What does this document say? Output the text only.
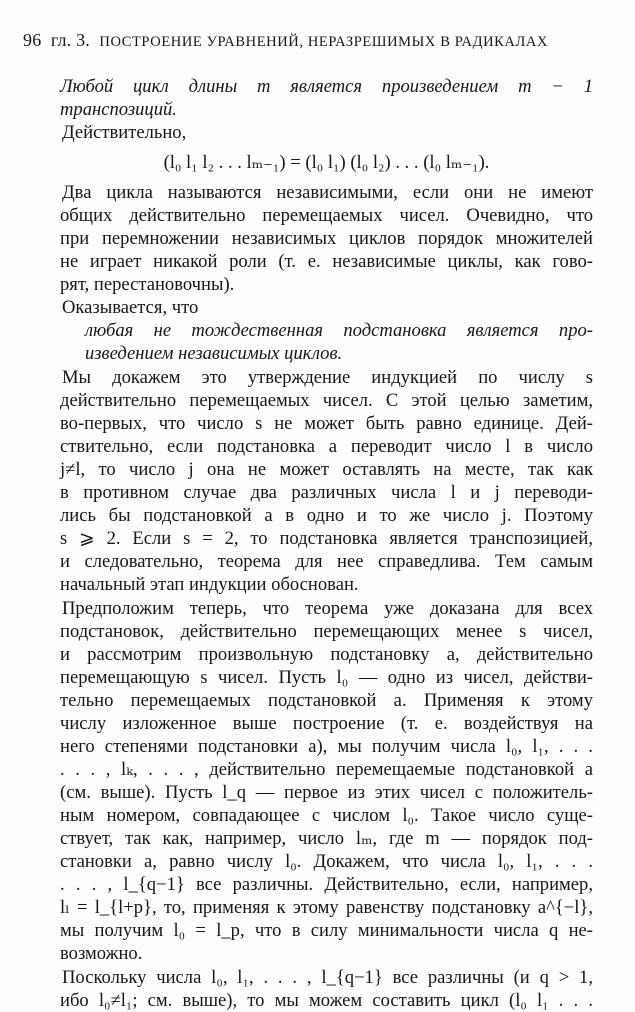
96 гл. 3. ПОСТРОЕНИЕ УРАВНЕНИЙ, НЕРАЗРЕШИМЫХ В РАДИКАЛАХ
Любой цикл длины m является произведением m − 1
транспозиций.
Действительно,
(l₀ l₁ l₂ . . . lₘ₋₁) = (l₀ l₁) (l₀ l₂) . . . (l₀ lₘ₋₁).
Два цикла называются независимыми, если они не имеют
общих действительно перемещаемых чисел. Очевидно, что
при перемножении независимых циклов порядок множителей
не играет никакой роли (т. е. независимые циклы, как гово-
рят, перестановочны).
Оказывается, что
любая не тождественная подстановка является про-
изведением независимых циклов.
Мы докажем это утверждение индукцией по числу s
действительно перемещаемых чисел. С этой целью заметим,
во-первых, что число s не может быть равно единице. Дей-
ствительно, если подстановка a переводит число l в число
j≠l, то число j она не может оставлять на месте, так как
в противном случае два различных числа l и j переводи-
лись бы подстановкой a в одно и то же число j. Поэтому
s ⩾ 2. Если s = 2, то подстановка является транспозицией,
и следовательно, теорема для нее справедлива. Тем самым
начальный этап индукции обоснован.
Предположим теперь, что теорема уже доказана для всех
подстановок, действительно перемещающих менее s чисел,
и рассмотрим произвольную подстановку a, действительно
перемещающую s чисел. Пусть l₀ — одно из чисел, действи-
тельно перемещаемых подстановкой a. Применяя к этому
числу изложенное выше построение (т. е. воздействуя на
него степенями подстановки a), мы получим числа l₀, l₁, . . .
. . . , lₖ, . . . , действительно перемещаемые подстановкой a
(см. выше). Пусть l_q — первое из этих чисел с положитель-
ным номером, совпадающее с числом l₀. Такое число суще-
ствует, так как, например, число lₘ, где m — порядок под-
становки a, равно числу l₀. Докажем, что числа l₀, l₁, . . .
. . . , l_{q−1} все различны. Действительно, если, например,
lₗ = l_{l+p}, то, применяя к этому равенству подстановку a^{−l},
мы получим l₀ = l_p, что в силу минимальности числа q не-
возможно.
Поскольку числа l₀, l₁, . . . , l_{q−1} все различны (и q > 1,
ибо l₀≠l₁; см. выше), то мы можем составить цикл (l₀ l₁ . . .
